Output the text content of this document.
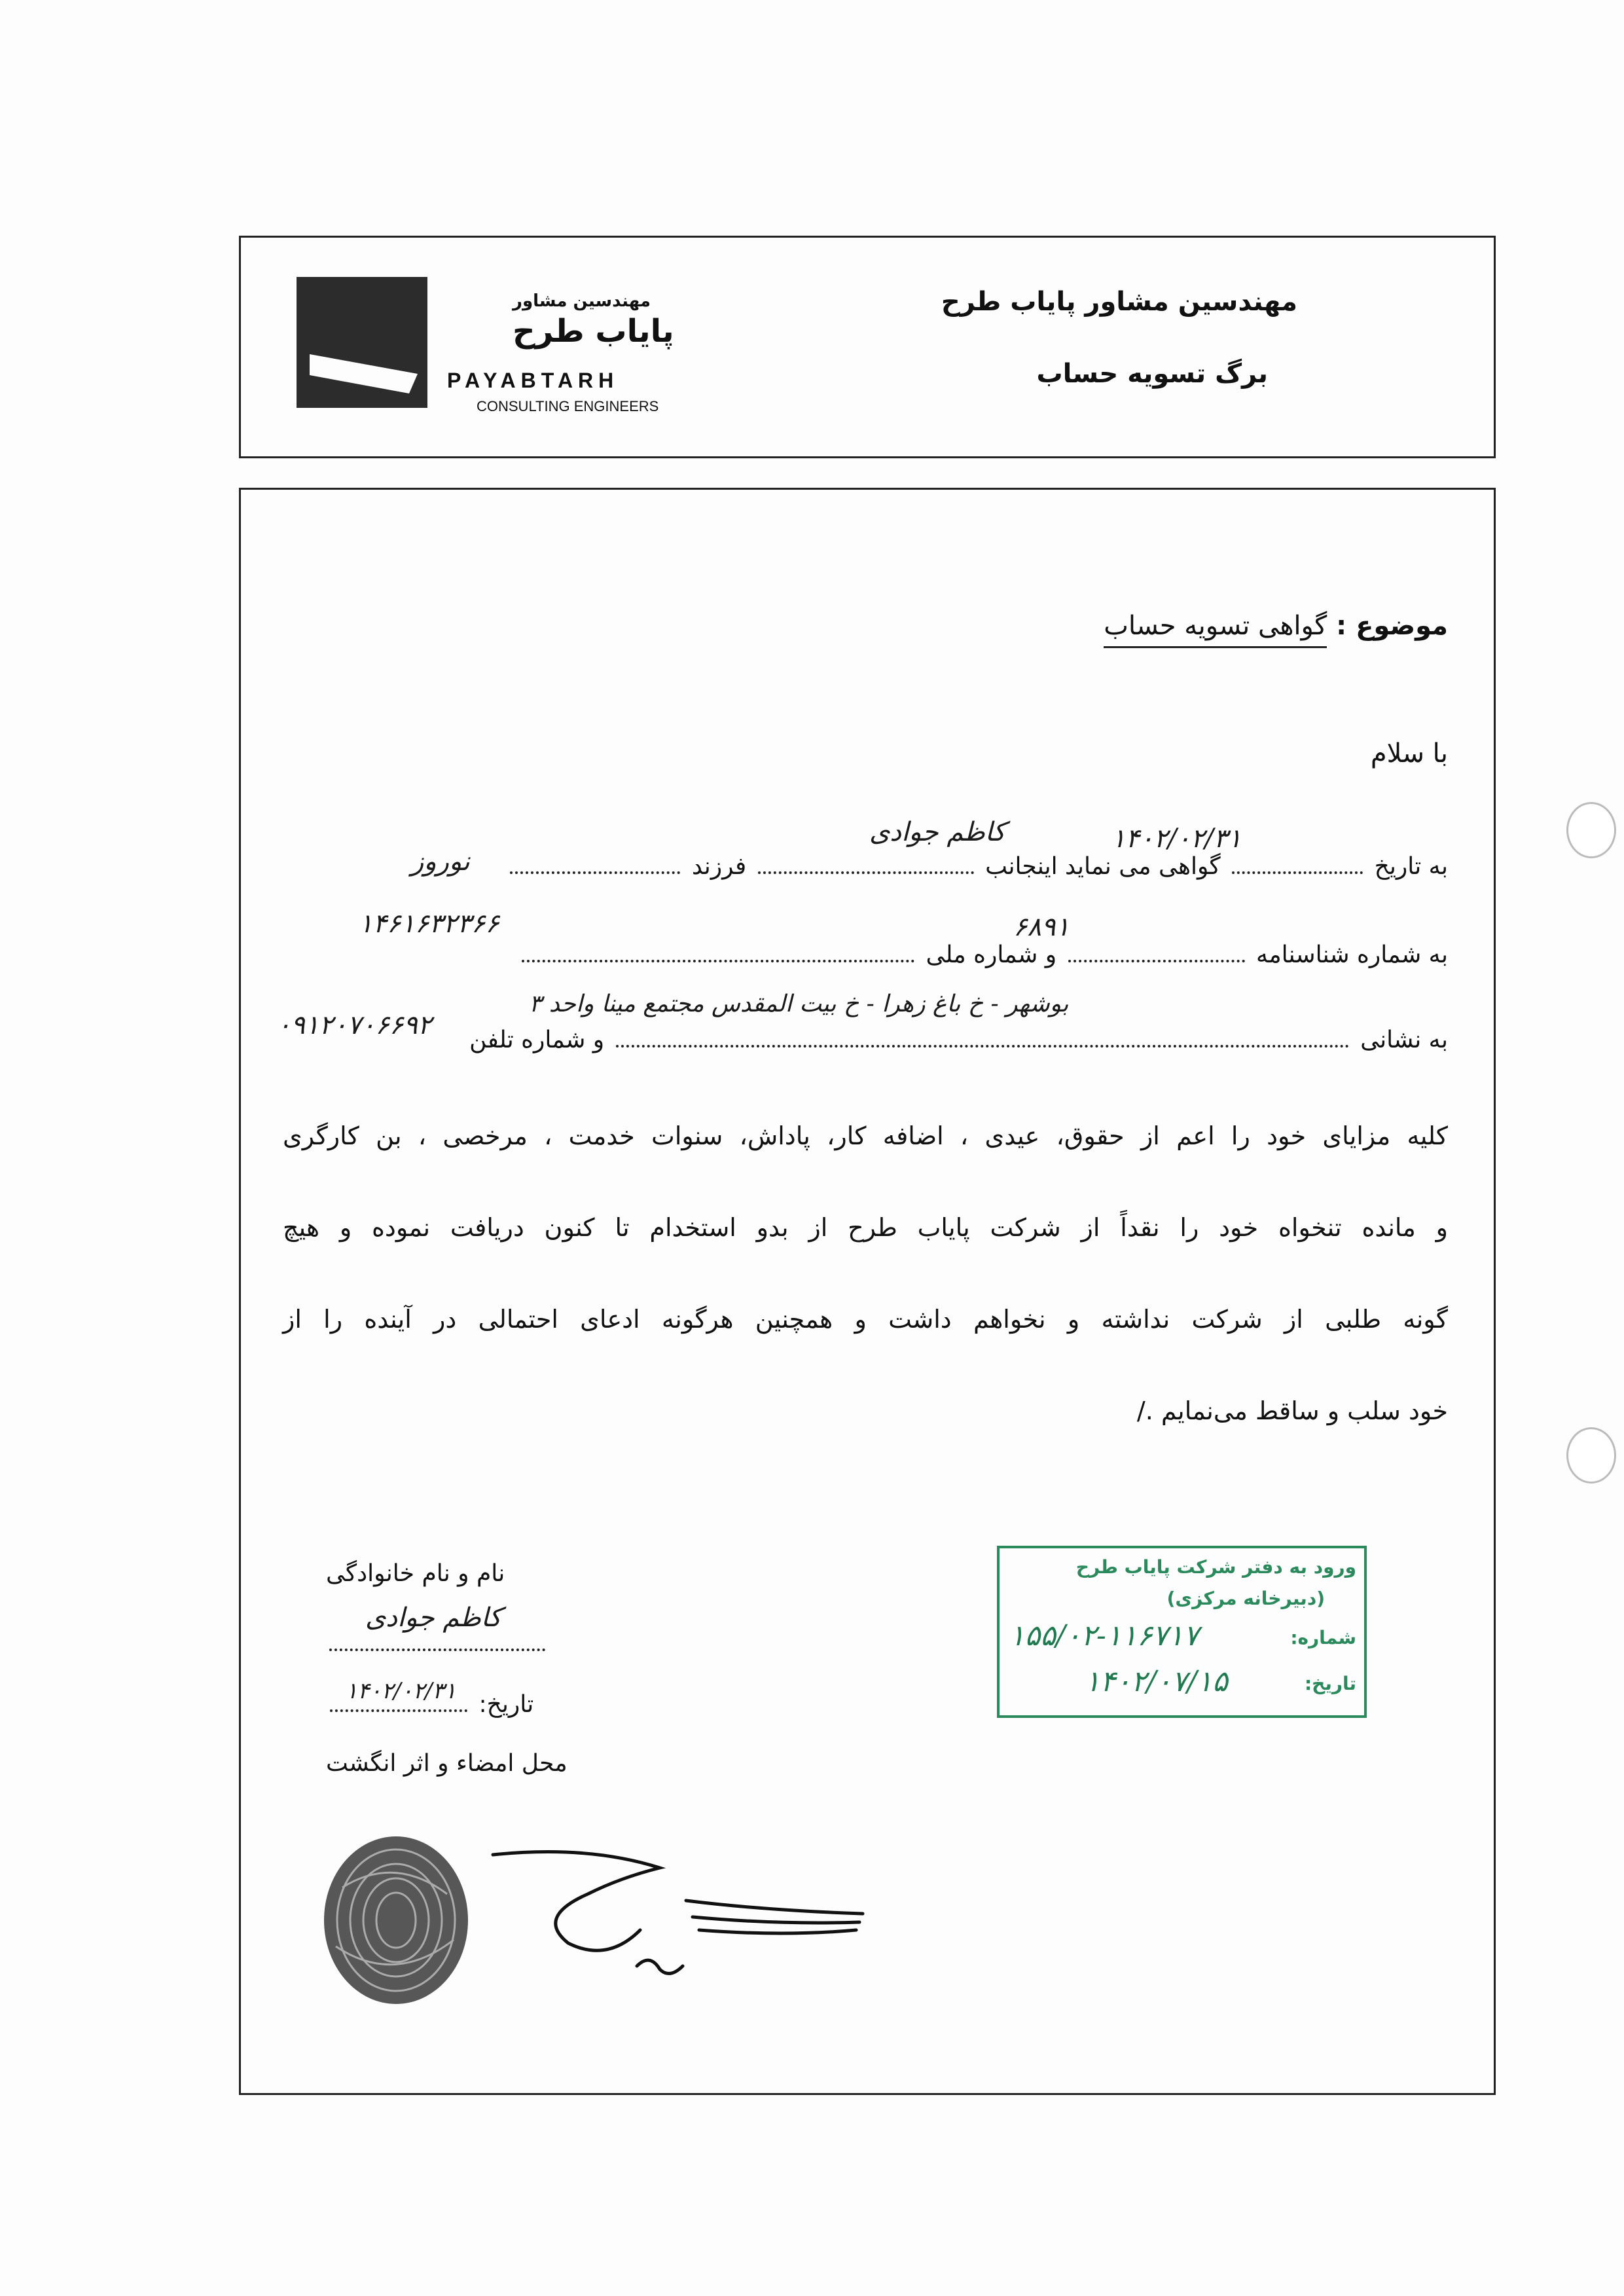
مهندسین مشاور پایاب طرح
برگ تسویه حساب
مهندسین مشاور
پایاب طرح
PAYABTARH
CONSULTING ENGINEERS
موضوع : گواهی تسویه حساب
با سلام
به تاریخ  گواهی می نماید اینجانب  فرزند
۱۴۰۲/۰۲/۳۱
کاظم جوادی
نوروز
به شماره شناسنامه  و شماره ملی
۶۸۹۱
۱۴۶۱۶۳۲۳۶۶
به نشانی  و شماره تلفن
بوشهر - خ باغ زهرا - خ بیت المقدس مجتمع مینا واحد ۳
۰۹۱۲۰۷۰۶۶۹۲
کلیه مزایای خود را اعم از حقوق، عیدی ، اضافه کار، پاداش، سنوات خدمت ، مرخصی ، بن کارگری
و مانده تنخواه خود را نقداً از شرکت پایاب طرح از بدو استخدام تا کنون دریافت نموده و هیچ
گونه طلبی از شرکت نداشته و نخواهم داشت و همچنین هرگونه ادعای احتمالی در آینده را از
خود سلب و ساقط می‌نمایم ./
ورود به دفتر شرکت پایاب طرح
(دبیرخانه مرکزی)
شماره:
۱۵۵/۰۲-۱۱۶۷۱۷
تاریخ:
۱۴۰۲/۰۷/۱۵
نام و نام خانوادگی
کاظم جوادی
تاریخ:
۱۴۰۲/۰۲/۳۱
محل امضاء و اثر انگشت
